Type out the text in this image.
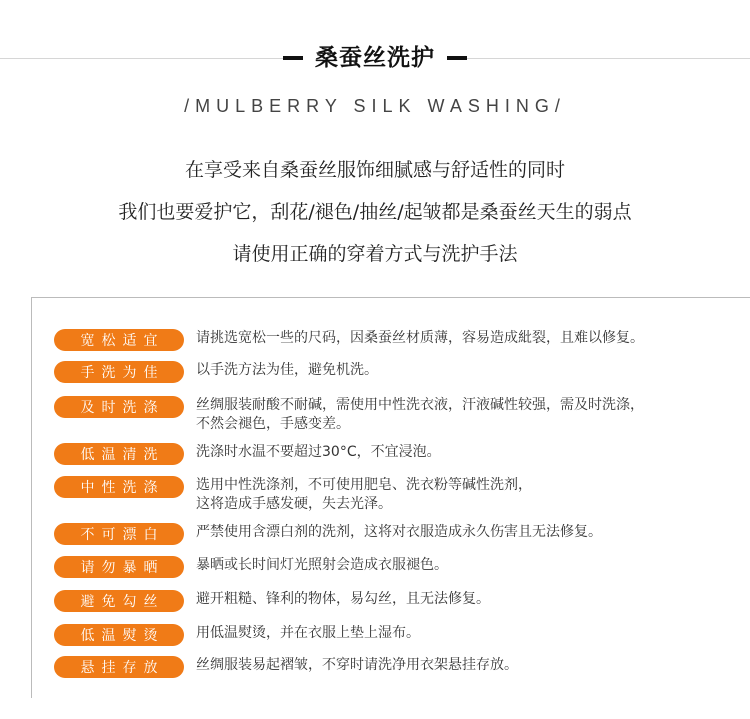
桑蚕丝洗护
/MULBERRY SILK WASHING/
在享受来自桑蚕丝服饰细腻感与舒适性的同时
我们也要爱护它，刮花/褪色/抽丝/起皱都是桑蚕丝天生的弱点
请使用正确的穿着方式与洗护手法
宽松适宜	请挑选宽松一些的尺码，因桑蚕丝材质薄，容易造成紕裂，且难以修复。
手洗为佳	以手洗方法为佳，避免机洗。
及时洗涤	丝绸服装耐酸不耐碱，需使用中性洗衣液，汗液碱性较强，需及时洗涤，
不然会褪色，手感变差。
低温清洗	洗涤时水温不要超过30°C，不宜浸泡。
中性洗涤	选用中性洗涤剂，不可使用肥皂、洗衣粉等碱性洗剂，
这将造成手感发硬，失去光泽。
不可漂白	严禁使用含漂白剂的洗剂，这将对衣服造成永久伤害且无法修复。
请勿暴晒	暴晒或长时间灯光照射会造成衣服褪色。
避免勾丝	避开粗糙、锋利的物体，易勾丝，且无法修复。
低温熨烫	用低温熨烫，并在衣服上垫上湿布。
悬挂存放	丝绸服装易起褶皱，不穿时请洗净用衣架悬挂存放。
